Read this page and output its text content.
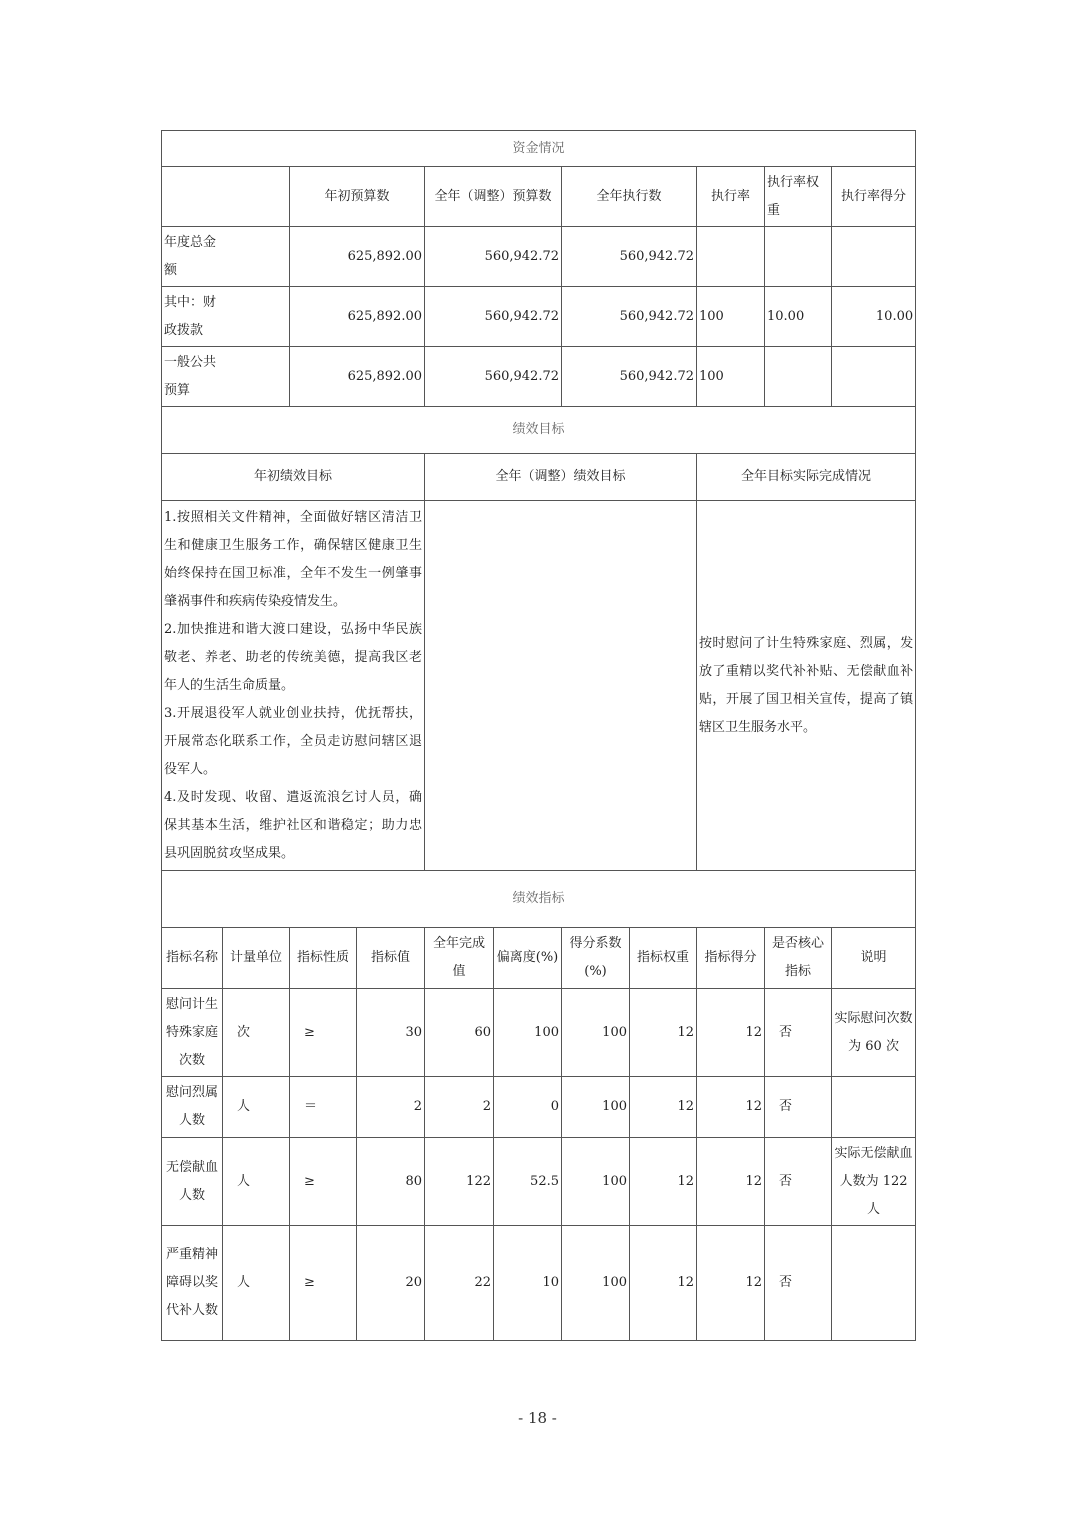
资金情况										
		年初预算数		全年（调整）预算数		全年执行数		执行率	执行率权重	执行率得分

年度总金额		625,892.00		560,942.72		560,942.72				

其中：财政拨款		625,892.00		560,942.72		560,942.72		100	10.00	10.00

一般公共预算		625,892.00		560,942.72		560,942.72		100		
绩效目标										
年初绩效目标				全年（调整）绩效目标				全年目标实际完成情况		

1.按照相关文件精神，全面做好辖区清洁卫生和健康卫生服务工作，确保辖区健康卫生始终保持在国卫标准，全年不发生一例肇事肇祸事件和疾病传染疫情发生。
2.加快推进和谐大渡口建设，弘扬中华民族敬老、养老、助老的传统美德，提高我区老年人的生活生命质量。
3.开展退役军人就业创业扶持，优抚帮扶，开展常态化联系工作，全员走访慰问辖区退役军人。
4.及时发现、收留、遣返流浪乞讨人员，确保其基本生活，维护社区和谐稳定；助力忠县巩固脱贫攻坚成果。								按时慰问了计生特殊家庭、烈属，发放了重精以奖代补补贴、无偿献血补贴，开展了国卫相关宣传，提高了镇辖区卫生服务水平。		
绩效指标										
指标名称	计量单位	指标性质	指标值	全年完成值	偏离度(%)	得分系数(%)	指标权重	指标得分	是否核心指标	说明
慰问计生特殊家庭次数	次	≥	30	60	100	100	12	12	否	实际慰问次数为 60 次
慰问烈属人数	人	＝	2	2	0	100	12	12	否	
无偿献血人数	人	≥	80	122	52.5	100	12	12	否	实际无偿献血人数为 122 人
严重精神障碍以奖代补人数	人	≥	20	22	10	100	12	12	否	
- 18 -
